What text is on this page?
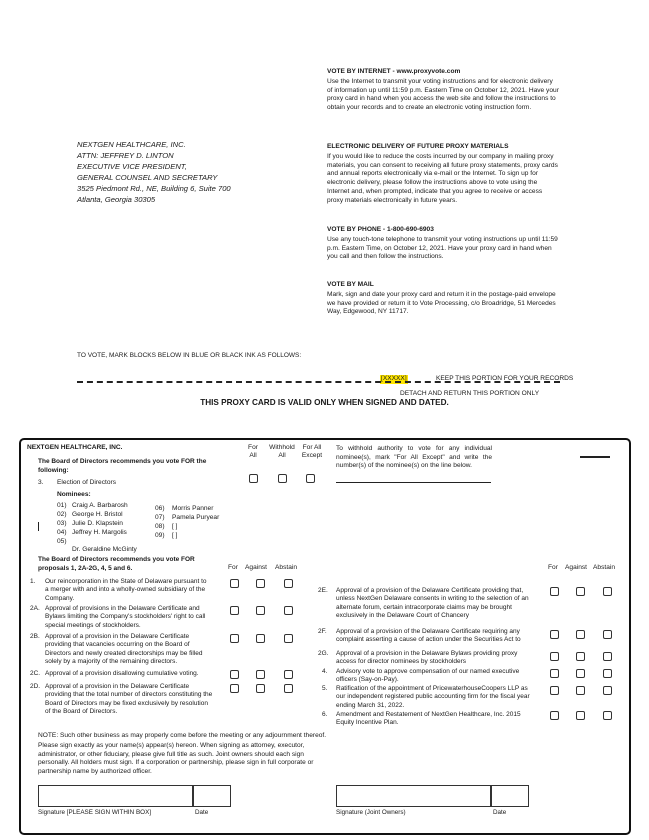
NEXTGEN HEALTHCARE, INC.
ATTN: JEFFREY D. LINTON
EXECUTIVE VICE PRESIDENT,
GENERAL COUNSEL AND SECRETARY
3525 Piedmont Rd., NE, Building 6, Suite 700
Atlanta, Georgia 30305
VOTE BY INTERNET - www.proxyvote.com
Use the Internet to transmit your voting instructions and for electronic delivery of information up until 11:59 p.m. Eastern Time on October 12, 2021. Have your proxy card in hand when you access the web site and follow the instructions to obtain your records and to create an electronic voting instruction form.
ELECTRONIC DELIVERY OF FUTURE PROXY MATERIALS
If you would like to reduce the costs incurred by our company in mailing proxy materials, you can consent to receiving all future proxy statements, proxy cards and annual reports electronically via e-mail or the Internet. To sign up for electronic delivery, please follow the instructions above to vote using the Internet and, when prompted, indicate that you agree to receive or access proxy materials electronically in future years.
VOTE BY PHONE - 1-800-690-6903
Use any touch-tone telephone to transmit your voting instructions up until 11:59 p.m. Eastern Time, on October 12, 2021. Have your proxy card in hand when you call and then follow the instructions.
VOTE BY MAIL
Mark, sign and date your proxy card and return it in the postage-paid envelope we have provided or return it to Vote Processing, c/o Broadridge, 51 Mercedes Way, Edgewood, NY 11717.
TO VOTE, MARK BLOCKS BELOW IN BLUE OR BLACK INK AS FOLLOWS:
[XXXXX]	KEEP THIS PORTION FOR YOUR RECORDS
DETACH AND RETURN THIS PORTION ONLY
THIS PROXY CARD IS VALID ONLY WHEN SIGNED AND DATED.
NEXTGEN HEALTHCARE, INC.
The Board of Directors recommends you vote FOR the following:
3. Election of Directors
Nominees:
01) Craig A. Barbarosh
02) George H. Bristol
03) Julie D. Klapstein
04) Jeffrey H. Margolis
05)
Dr. Geraldine McGinty
06)	Morris Panner
07)	Pamela Puryear
08)	[ ]
09)	[ ]
For All
Withhold All
For All Except
To withhold authority to vote for any individual nominee(s), mark "For All Except" and write the number(s) of the nominee(s) on the line below.
The Board of Directors recommends you vote FOR proposals 1, 2A-2G, 4, 5 and 6.	For Against Abstain	For Against Abstain
1. Our reincorporation in the State of Delaware pursuant to a merger with and into a wholly-owned subsidiary of the Company.
2A. Approval of provisions in the Delaware Certificate and Bylaws limiting the Company's stockholders' right to call special meetings of stockholders.
2B. Approval of a provision in the Delaware Certificate providing that vacancies occurring on the Board of Directors and newly created directorships may be filled solely by a majority of the remaining directors.
2C. Approval of a provision disallowing cumulative voting.
2D. Approval of a provision in the Delaware Certificate providing that the total number of directors constituting the Board of Directors may be fixed exclusively by resolution of the Board of Directors.
2E. Approval of a provision of the Delaware Certificate providing that, unless NextGen Delaware consents in writing to the selection of an alternate forum, certain intracorporate claims may be brought exclusively in the Delaware Court of Chancery
2F. Approval of a provision of the Delaware Certificate requiring any complaint asserting a cause of action under the Securities Act to
2G. Approval of a provision in the Delaware Bylaws providing proxy access for director nominees by stockholders
4. Advisory vote to approve compensation of our named executive officers (Say-on-Pay).
5. Ratification of the appointment of PricewaterhouseCoopers LLP as our independent registered public accounting firm for the fiscal year ending March 31, 2022.
6. Amendment and Restatement of NextGen Healthcare, Inc. 2015 Equity Incentive Plan.
NOTE: Such other business as may properly come before the meeting or any adjournment thereof.
Please sign exactly as your name(s) appear(s) hereon. When signing as attorney, executor, administrator, or other fiduciary, please give full title as such. Joint owners should each sign personally. All holders must sign. If a corporation or partnership, please sign in full corporate or partnership name by authorized officer.
Signature [PLEASE SIGN WITHIN BOX]	Date	Signature (Joint Owners)	Date
